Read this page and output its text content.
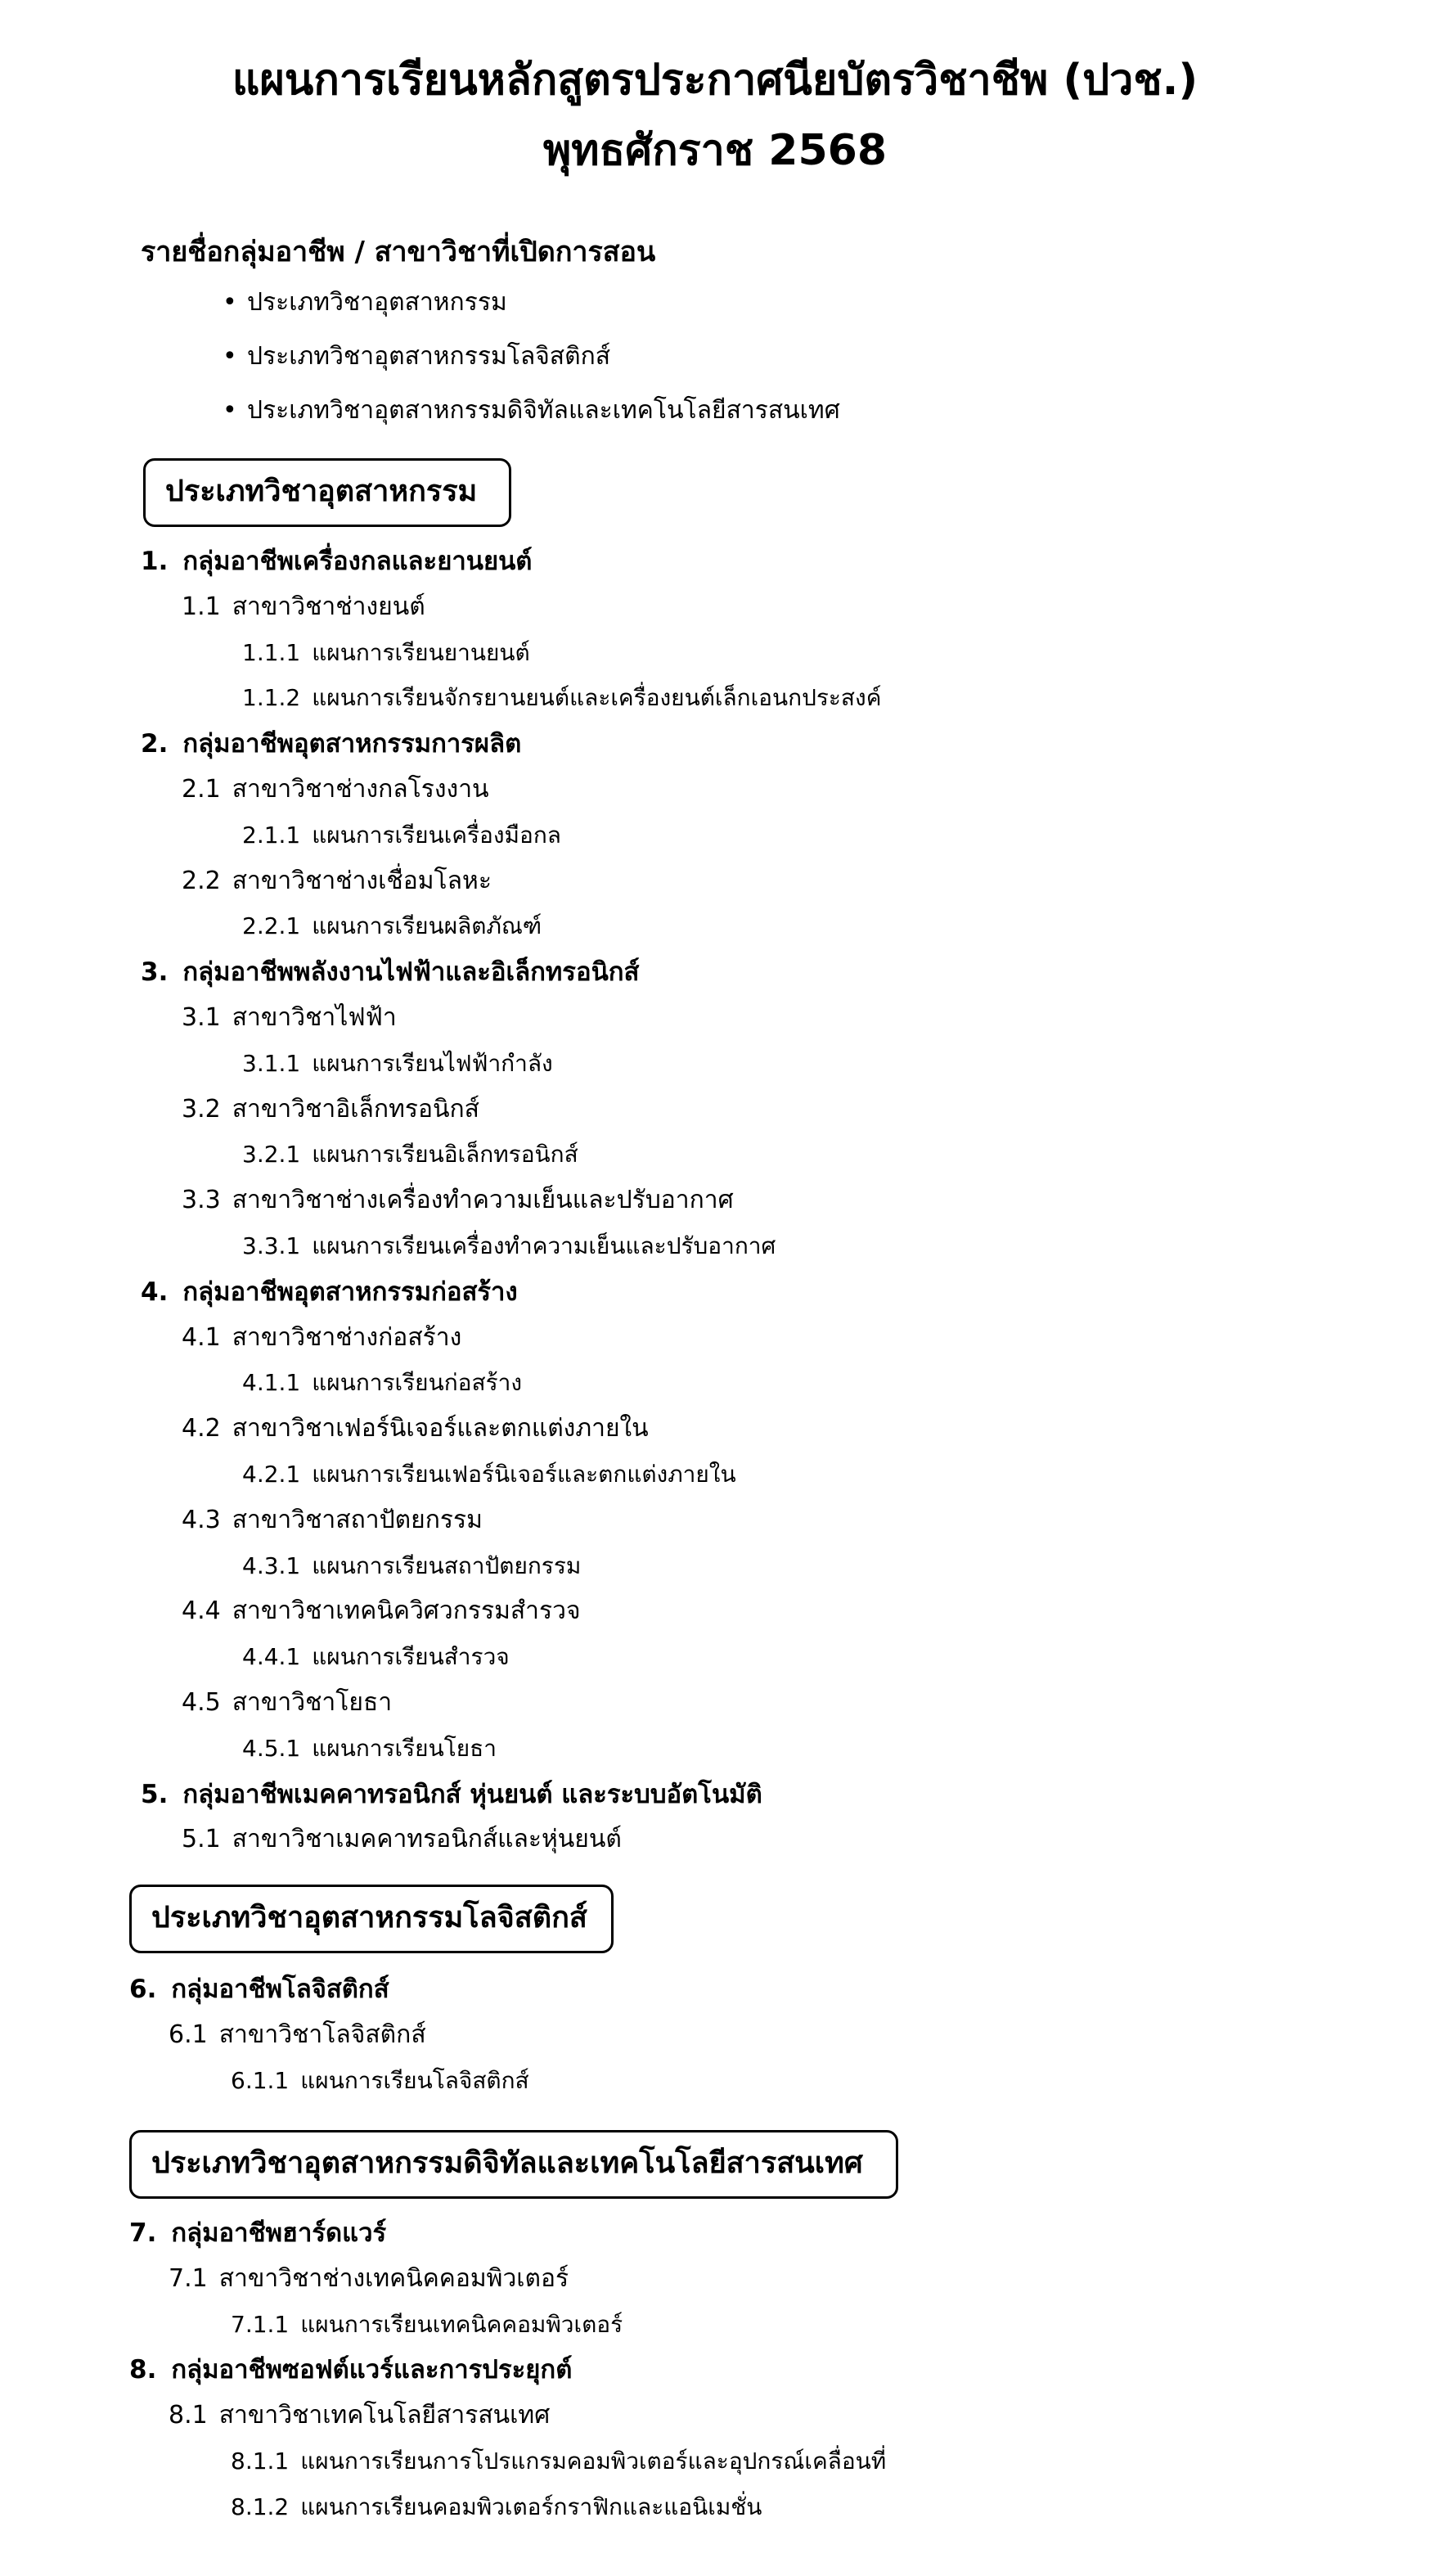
แผนการเรียนหลักสูตรประกาศนียบัตรวิชาชีพ (ปวช.)
พุทธศักราช 2568
รายชื่อกลุ่มอาชีพ / สาขาวิชาที่เปิดการสอน
• ประเภทวิชาอุตสาหกรรม
• ประเภทวิชาอุตสาหกรรมโลจิสติกส์
• ประเภทวิชาอุตสาหกรรมดิจิทัลและเทคโนโลยีสารสนเทศ
ประเภทวิชาอุตสาหกรรม
1. กลุ่มอาชีพเครื่องกลและยานยนต์
1.1 สาขาวิชาช่างยนต์
1.1.1 แผนการเรียนยานยนต์
1.1.2 แผนการเรียนจักรยานยนต์และเครื่องยนต์เล็กเอนกประสงค์
2. กลุ่มอาชีพอุตสาหกรรมการผลิต
2.1 สาขาวิชาช่างกลโรงงาน
2.1.1 แผนการเรียนเครื่องมือกล
2.2 สาขาวิชาช่างเชื่อมโลหะ
2.2.1 แผนการเรียนผลิตภัณฑ์
3. กลุ่มอาชีพพลังงานไฟฟ้าและอิเล็กทรอนิกส์
3.1 สาขาวิชาไฟฟ้า
3.1.1 แผนการเรียนไฟฟ้ากำลัง
3.2 สาขาวิชาอิเล็กทรอนิกส์
3.2.1 แผนการเรียนอิเล็กทรอนิกส์
3.3 สาขาวิชาช่างเครื่องทำความเย็นและปรับอากาศ
3.3.1 แผนการเรียนเครื่องทำความเย็นและปรับอากาศ
4. กลุ่มอาชีพอุตสาหกรรมก่อสร้าง
4.1 สาขาวิชาช่างก่อสร้าง
4.1.1 แผนการเรียนก่อสร้าง
4.2 สาขาวิชาเฟอร์นิเจอร์และตกแต่งภายใน
4.2.1 แผนการเรียนเฟอร์นิเจอร์และตกแต่งภายใน
4.3 สาขาวิชาสถาปัตยกรรม
4.3.1 แผนการเรียนสถาปัตยกรรม
4.4 สาขาวิชาเทคนิควิศวกรรมสำรวจ
4.4.1 แผนการเรียนสำรวจ
4.5 สาขาวิชาโยธา
4.5.1 แผนการเรียนโยธา
5. กลุ่มอาชีพเมคคาทรอนิกส์ หุ่นยนต์ และระบบอัตโนมัติ
5.1 สาขาวิชาเมคคาทรอนิกส์และหุ่นยนต์
ประเภทวิชาอุตสาหกรรมโลจิสติกส์
6. กลุ่มอาชีพโลจิสติกส์
6.1 สาขาวิชาโลจิสติกส์
6.1.1 แผนการเรียนโลจิสติกส์
ประเภทวิชาอุตสาหกรรมดิจิทัลและเทคโนโลยีสารสนเทศ
7. กลุ่มอาชีพฮาร์ดแวร์
7.1 สาขาวิชาช่างเทคนิคคอมพิวเตอร์
7.1.1 แผนการเรียนเทคนิคคอมพิวเตอร์
8. กลุ่มอาชีพซอฟต์แวร์และการประยุกต์
8.1 สาขาวิชาเทคโนโลยีสารสนเทศ
8.1.1 แผนการเรียนการโปรแกรมคอมพิวเตอร์และอุปกรณ์เคลื่อนที่
8.1.2 แผนการเรียนคอมพิวเตอร์กราฟิกและแอนิเมชั่น
